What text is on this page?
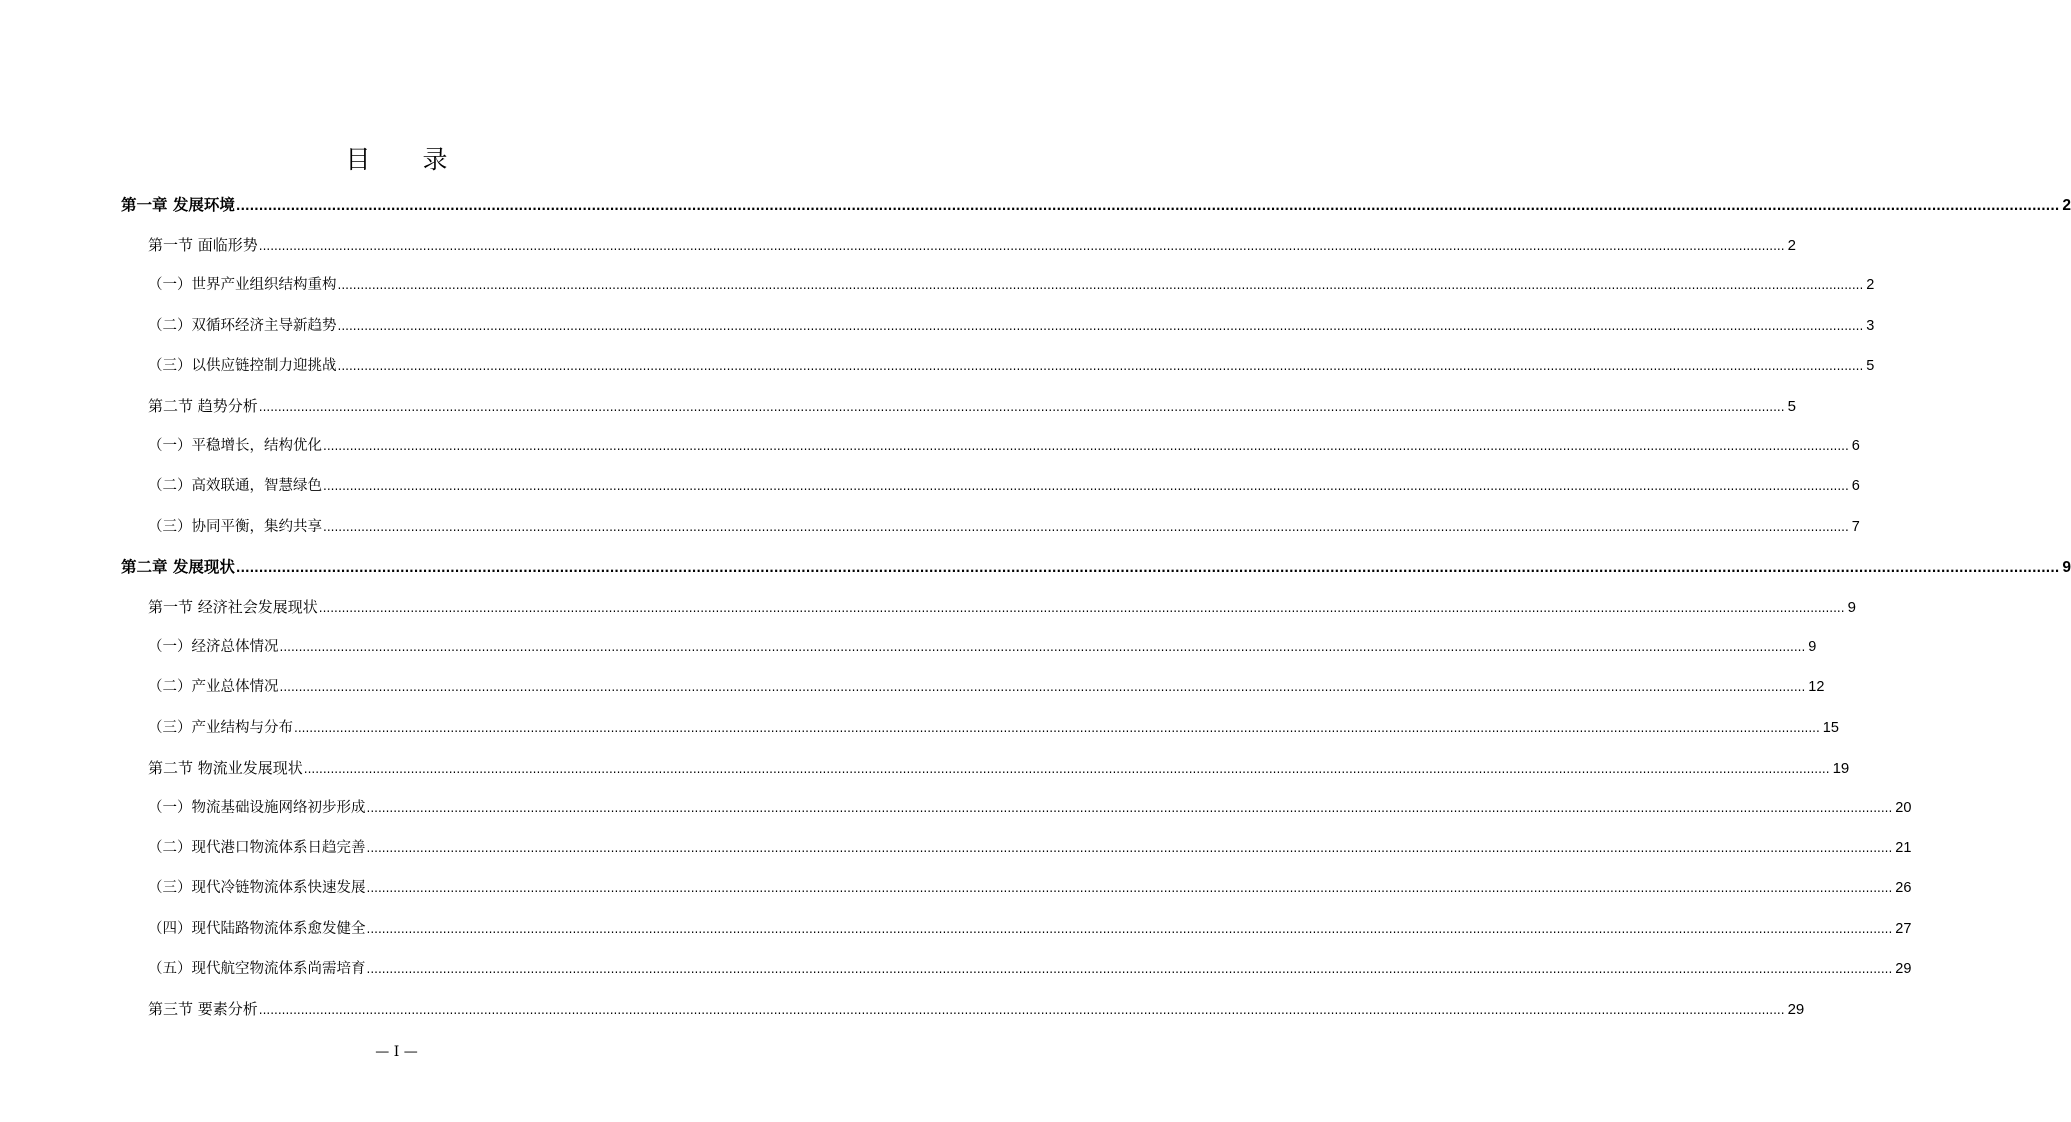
目 录
第一章 发展环境 ................................................................................................................................................................................................................................................................................................................................................................................................................ 2
第一节 面临形势 ................................................................................................................................................................................................................................................................................................................................................................................................................ 2
（一）世界产业组织结构重构 ................................................................................................................................................................................................................................................................................................................................................................................................................ 2
（二）双循环经济主导新趋势 ................................................................................................................................................................................................................................................................................................................................................................................................................ 3
（三）以供应链控制力迎挑战 ................................................................................................................................................................................................................................................................................................................................................................................................................ 5
第二节 趋势分析 ................................................................................................................................................................................................................................................................................................................................................................................................................ 5
（一）平稳增长，结构优化 ................................................................................................................................................................................................................................................................................................................................................................................................................ 6
（二）高效联通，智慧绿色 ................................................................................................................................................................................................................................................................................................................................................................................................................ 6
（三）协同平衡，集约共享 ................................................................................................................................................................................................................................................................................................................................................................................................................ 7
第二章 发展现状 ................................................................................................................................................................................................................................................................................................................................................................................................................ 9
第一节 经济社会发展现状 ................................................................................................................................................................................................................................................................................................................................................................................................................ 9
（一）经济总体情况 ................................................................................................................................................................................................................................................................................................................................................................................................................ 9
（二）产业总体情况 ................................................................................................................................................................................................................................................................................................................................................................................................................ 12
（三）产业结构与分布 ................................................................................................................................................................................................................................................................................................................................................................................................................ 15
第二节 物流业发展现状 ................................................................................................................................................................................................................................................................................................................................................................................................................ 19
（一）物流基础设施网络初步形成 ................................................................................................................................................................................................................................................................................................................................................................................................................ 20
（二）现代港口物流体系日趋完善 ................................................................................................................................................................................................................................................................................................................................................................................................................ 21
（三）现代冷链物流体系快速发展 ................................................................................................................................................................................................................................................................................................................................................................................................................ 26
（四）现代陆路物流体系愈发健全 ................................................................................................................................................................................................................................................................................................................................................................................................................ 27
（五）现代航空物流体系尚需培育 ................................................................................................................................................................................................................................................................................................................................................................................................................ 29
第三节 要素分析 ................................................................................................................................................................................................................................................................................................................................................................................................................ 29
— I —
